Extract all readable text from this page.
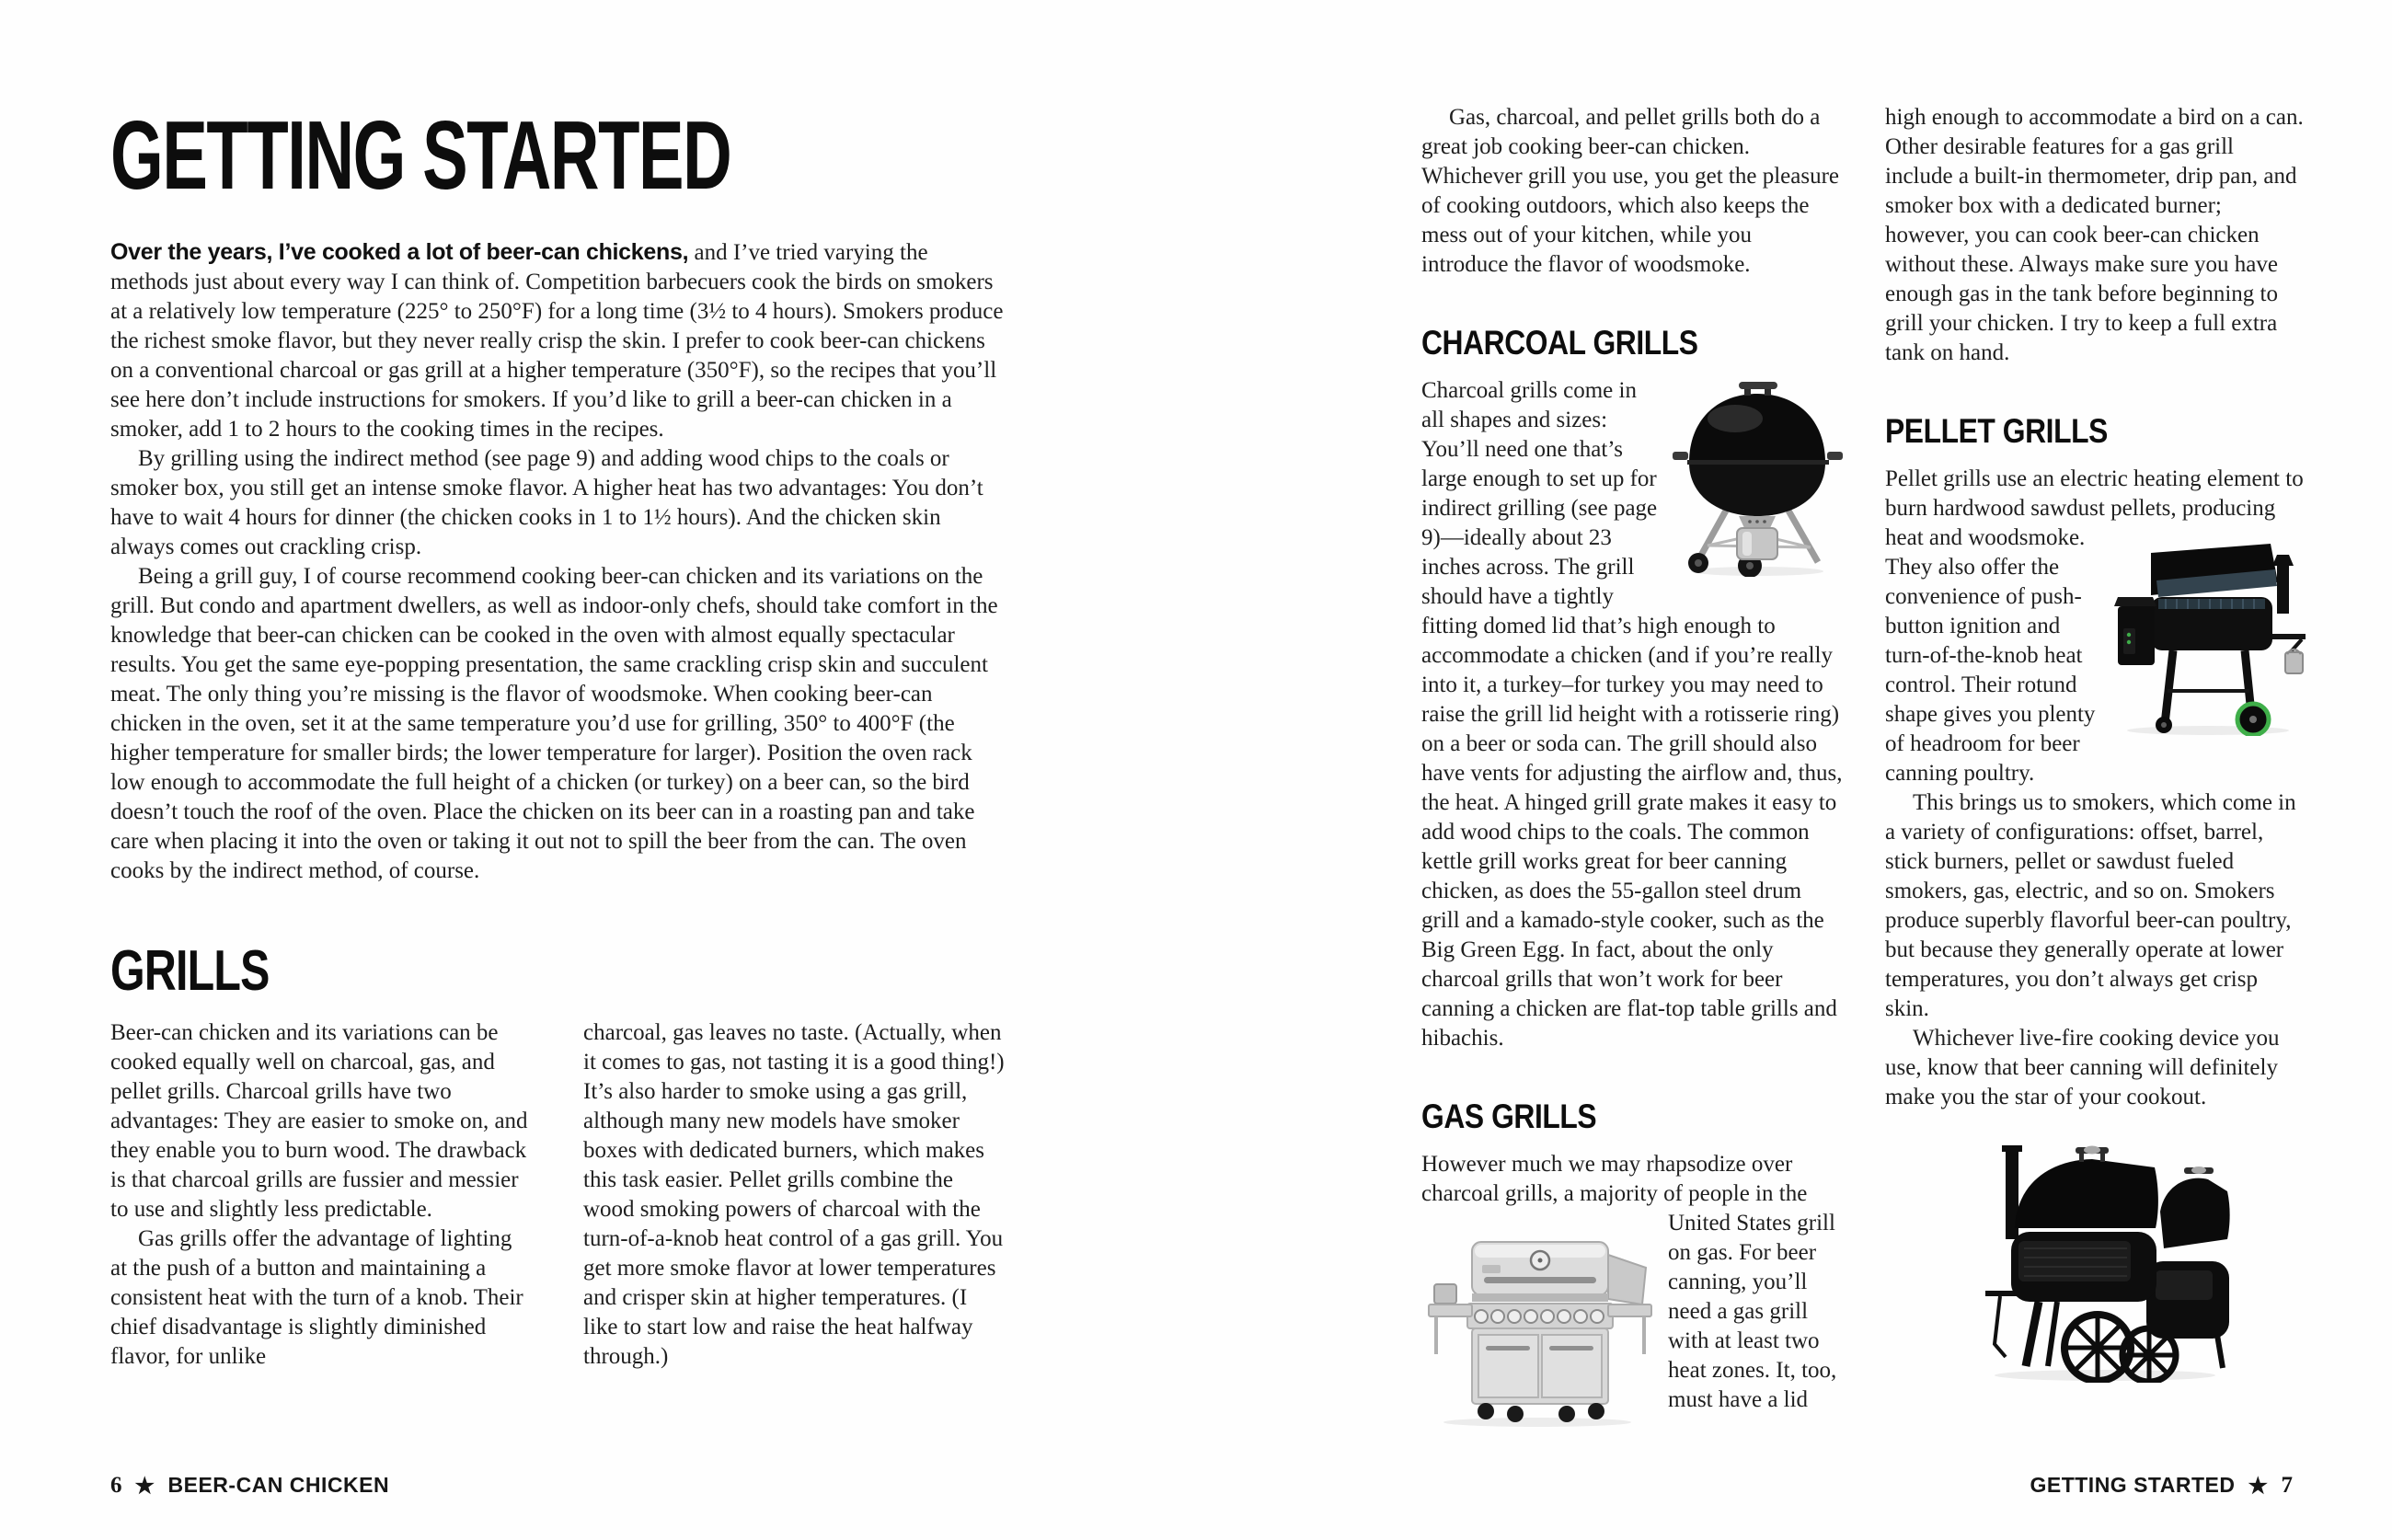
GETTING STARTED

Over the years, I’ve cooked a lot of beer-can chickens, and I’ve tried varying the methods just about every way I can think of. Competition barbecuers cook the birds on smokers at a relatively low temperature (225° to 250°F) for a long time (3½ to 4 hours). Smokers produce the richest smoke flavor, but they never really crisp the skin. I prefer to cook beer-can chickens on a conventional charcoal or gas grill at a higher temperature (350°F), so the recipes that you’ll see here don’t include instructions for smokers. If you’d like to grill a beer-can chicken in a smoker, add 1 to 2 hours to the cooking times in the recipes.

By grilling using the indirect method (see page 9) and adding wood chips to the coals or smoker box, you still get an intense smoke flavor. A higher heat has two advantages: You don’t have to wait 4 hours for dinner (the chicken cooks in 1 to 1½ hours). And the chicken skin always comes out crackling crisp.

Being a grill guy, I of course recommend cooking beer-can chicken and its variations on the grill. But condo and apartment dwellers, as well as indoor-only chefs, should take comfort in the knowledge that beer-can chicken can be cooked in the oven with almost equally spectacular results. You get the same eye-popping presentation, the same crackling crisp skin and succulent meat. The only thing you’re missing is the flavor of woodsmoke. When cooking beer-can chicken in the oven, set it at the same temperature you’d use for grilling, 350° to 400°F (the higher temperature for smaller birds; the lower temperature for larger). Position the oven rack low enough to accommodate the full height of a chicken (or turkey) on a beer can, so the bird doesn’t touch the roof of the oven. Place the chicken on its beer can in a roasting pan and take care when placing it into the oven or taking it out not to spill the beer from the can. The oven cooks by the indirect method, of course.

GRILLS

Beer-can chicken and its variations can be cooked equally well on charcoal, gas, and pellet grills. Charcoal grills have two advantages: They are easier to smoke on, and they enable you to burn wood. The drawback is that charcoal grills are fussier and messier to use and slightly less predictable.

Gas grills offer the advantage of lighting at the push of a button and maintaining a consistent heat with the turn of a knob. Their chief disadvantage is slightly diminished flavor, for unlike

charcoal, gas leaves no taste. (Actually, when it comes to gas, not tasting it is a good thing!) It’s also harder to smoke using a gas grill, although many new models have smoker boxes with dedicated burners, which makes this task easier. Pellet grills combine the wood smoking powers of charcoal with the turn-of-a-knob heat control of a gas grill. You get more smoke flavor at lower temperatures and crisper skin at higher temperatures. (I like to start low and raise the heat halfway through.)

Gas, charcoal, and pellet grills both do a great job cooking beer-can chicken. Whichever grill you use, you get the pleasure of cooking outdoors, which also keeps the mess out of your kitchen, while you introduce the flavor of woodsmoke.

CHARCOAL GRILLS

Charcoal grills come in all shapes and sizes: You’ll need one that’s large enough to set up for indirect grilling (see page 9)—ideally about 23 inches across. The grill should have a tightly fitting domed lid that’s high enough to accommodate a chicken (and if you’re really into it, a turkey–for turkey you may need to raise the grill lid height with a rotisserie ring) on a beer or soda can. The grill should also have vents for adjusting the airflow and, thus, the heat. A hinged grill grate makes it easy to add wood chips to the coals. The common kettle grill works great for beer canning chicken, as does the 55-gallon steel drum grill and a kamado-style cooker, such as the Big Green Egg. In fact, about the only charcoal grills that won’t work for beer canning a chicken are flat-top table grills and hibachis.

GAS GRILLS

However much we may rhapsodize over charcoal grills, a majority of people in
the United States grill on gas. For beer canning, you’ll need a gas grill with at least two heat zones. It, too, must have a lid

high enough to accommodate a bird on a can. Other desirable features for a gas grill include a built-in thermometer, drip pan, and smoker box with a dedicated burner; however, you can cook beer-can chicken without these. Always make sure you have enough gas in the tank before beginning to grill your chicken. I try to keep a full extra tank on hand.

PELLET GRILLS

Pellet grills use an electric heating element to burn hardwood sawdust
pellets, producing heat and woodsmoke. They also offer the convenience of push-button ignition and turn-of-the-knob heat control. Their rotund shape gives you plenty of headroom for beer canning poultry.

This brings us to smokers, which come in a variety of configurations: offset, barrel, stick burners, pellet or sawdust fueled smokers, gas, electric, and so on. Smokers produce superbly flavorful beer-can poultry, but because they generally operate at lower temperatures, you don’t always get crisp skin.

Whichever live-fire cooking device you use, know that beer canning will definitely make you the star of your cookout.

6 ★ BEER-CAN CHICKEN	GETTING STARTED ★ 7
